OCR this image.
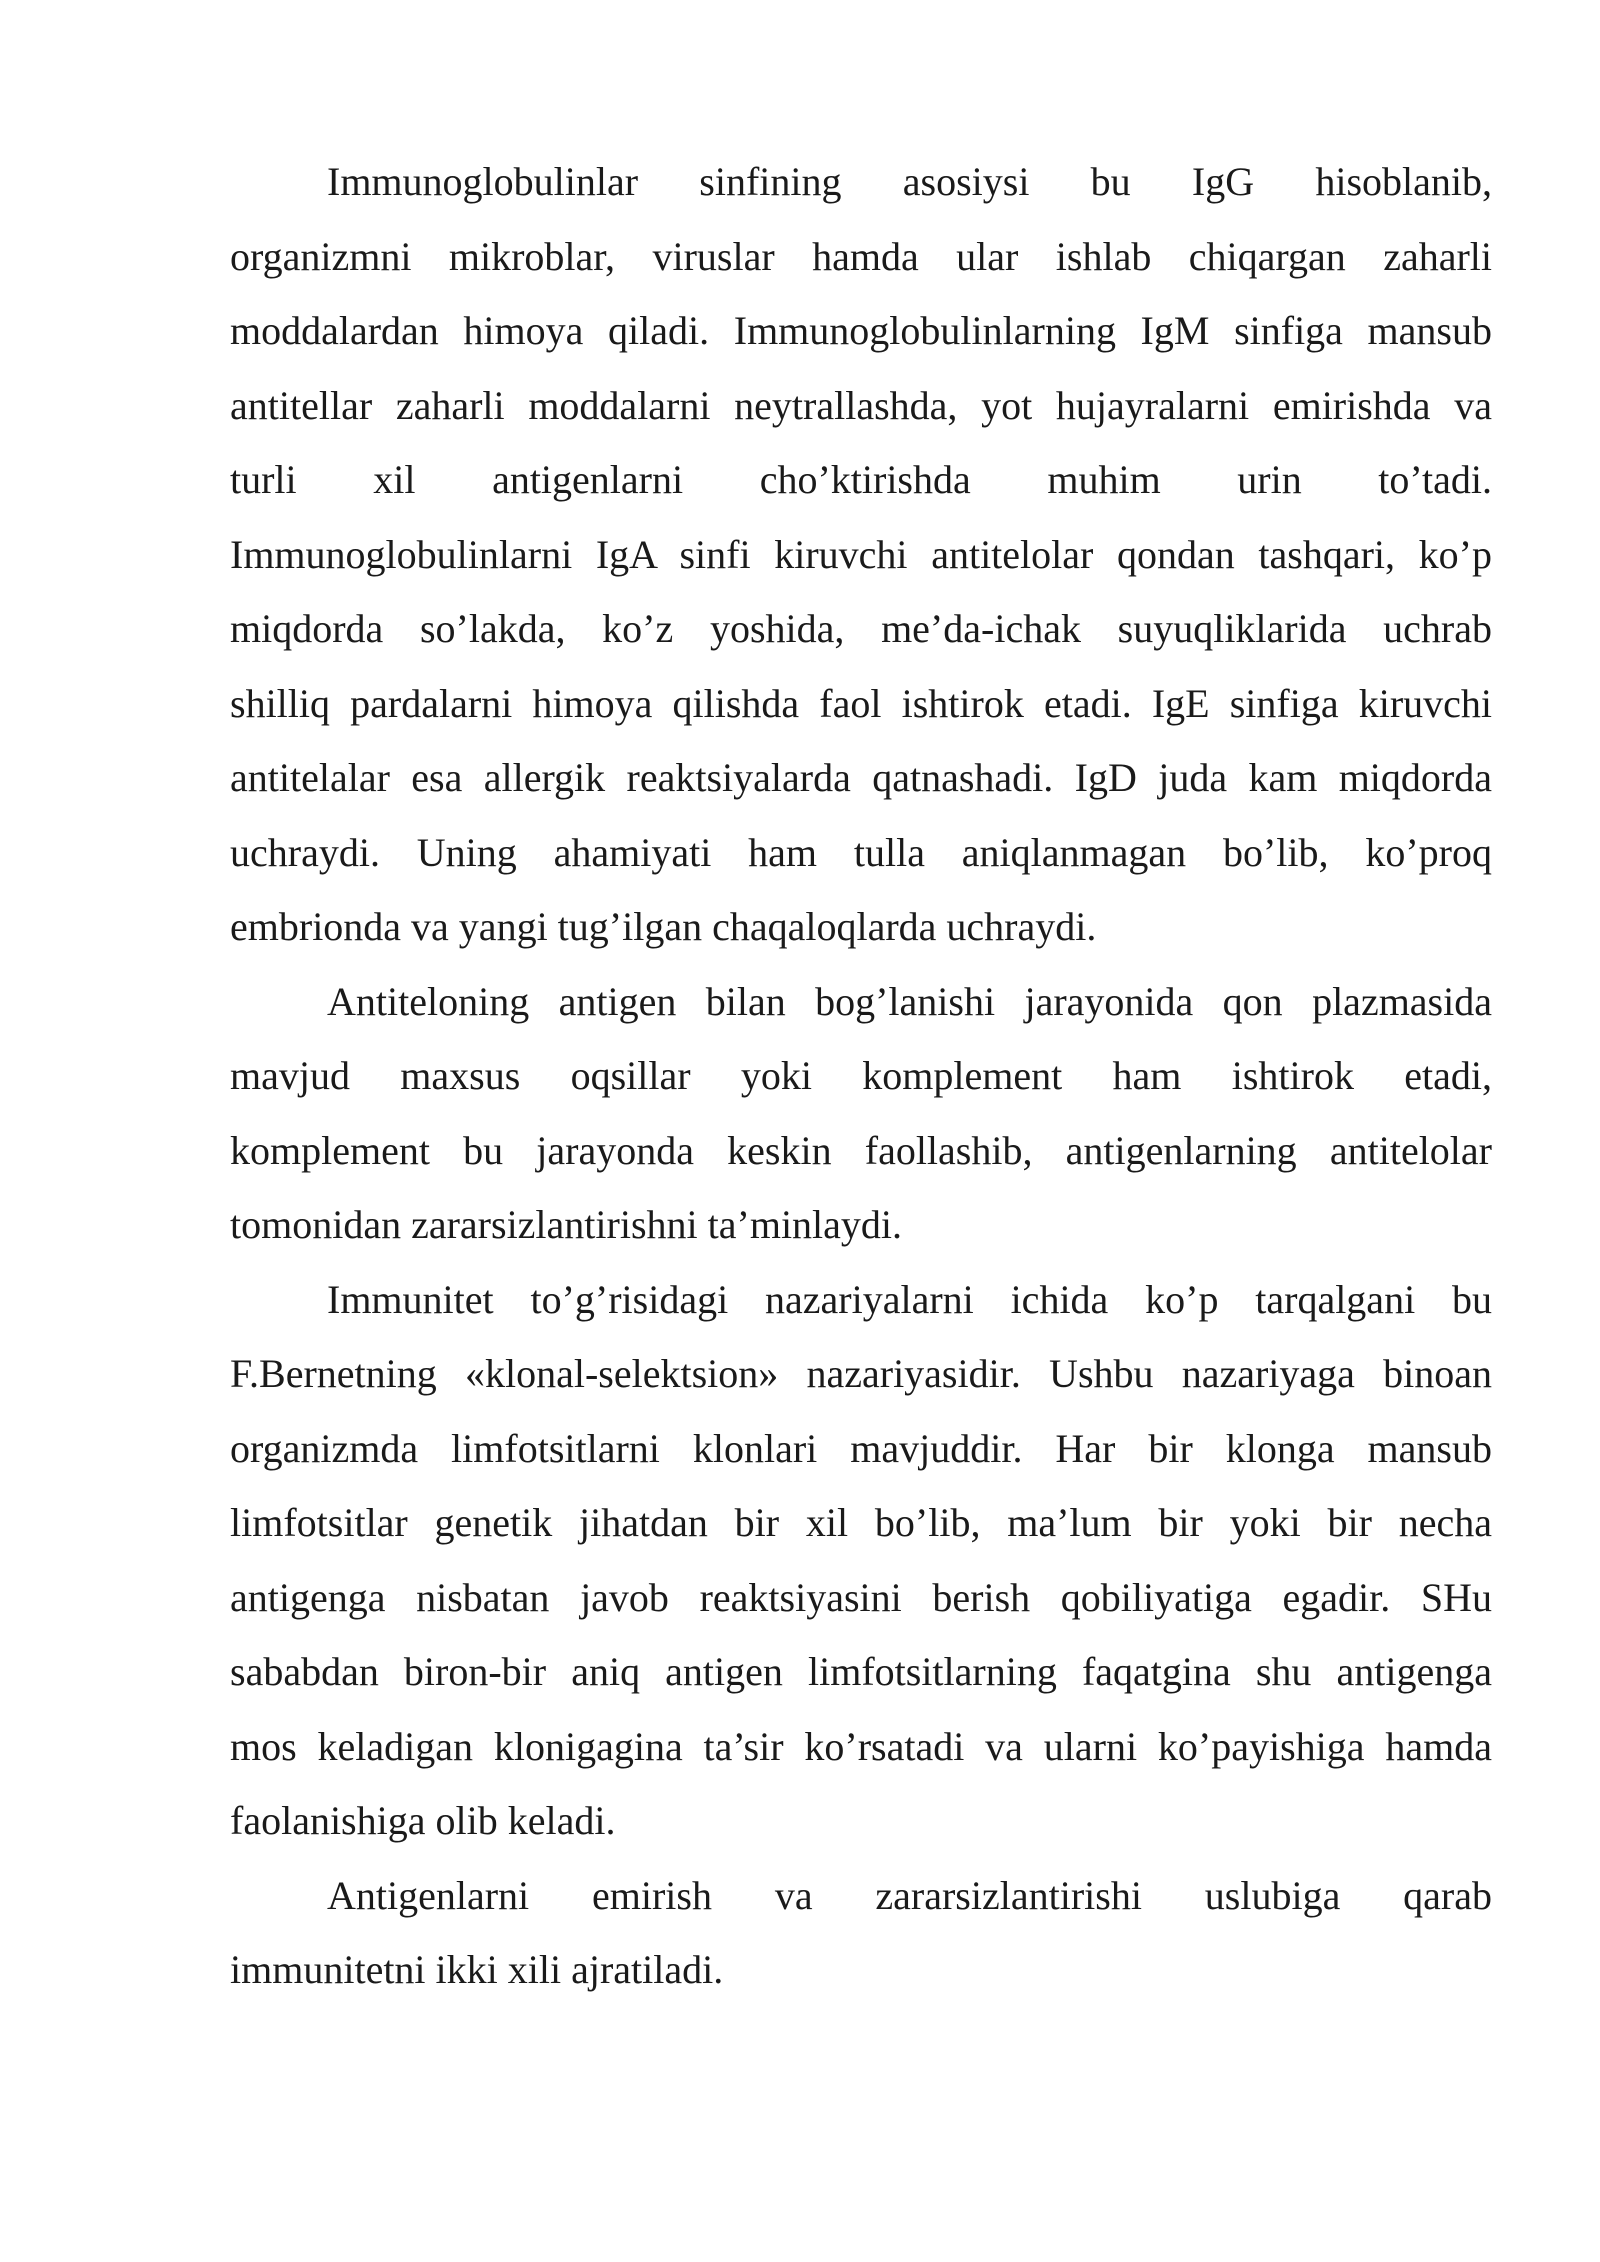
Immunoglobulinlar sinfining asosiysi bu IgG hisoblanib,
organizmni mikroblar, viruslar hamda ular ishlab chiqargan zaharli
moddalardan himoya qiladi. Immunoglobulinlarning IgM sinfiga mansub
antitellar zaharli moddalarni neytrallashda, yot hujayralarni emirishda va
turli xil antigenlarni cho’ktirishda muhim urin to’tadi.
Immunoglobulinlarni IgA sinfi kiruvchi antitelolar qondan tashqari, ko’p
miqdorda so’lakda, ko’z yoshida, me’da-ichak suyuqliklarida uchrab
shilliq pardalarni himoya qilishda faol ishtirok etadi. IgE sinfiga kiruvchi
antitelalar esa allergik reaktsiyalarda qatnashadi. IgD juda kam miqdorda
uchraydi. Uning ahamiyati ham tulla aniqlanmagan bo’lib, ko’proq
embrionda va yangi tug’ilgan chaqaloqlarda uchraydi.
Antiteloning antigen bilan bog’lanishi jarayonida qon plazmasida
mavjud maxsus oqsillar yoki komplement ham ishtirok etadi,
komplement bu jarayonda keskin faollashib, antigenlarning antitelolar
tomonidan zararsizlantirishni ta’minlaydi.
Immunitet to’g’risidagi nazariyalarni ichida ko’p tarqalgani bu
F.Bernetning «klonal-selektsion» nazariyasidir. Ushbu nazariyaga binoan
organizmda limfotsitlarni klonlari mavjuddir. Har bir klonga mansub
limfotsitlar genetik jihatdan bir xil bo’lib, ma’lum bir yoki bir necha
antigenga nisbatan javob reaktsiyasini berish qobiliyatiga egadir. SHu
sababdan biron-bir aniq antigen limfotsitlarning faqatgina shu antigenga
mos keladigan klonigagina ta’sir ko’rsatadi va ularni ko’payishiga hamda
faolanishiga olib keladi.
Antigenlarni emirish va zararsizlantirishi uslubiga qarab
immunitetni ikki xili ajratiladi.
